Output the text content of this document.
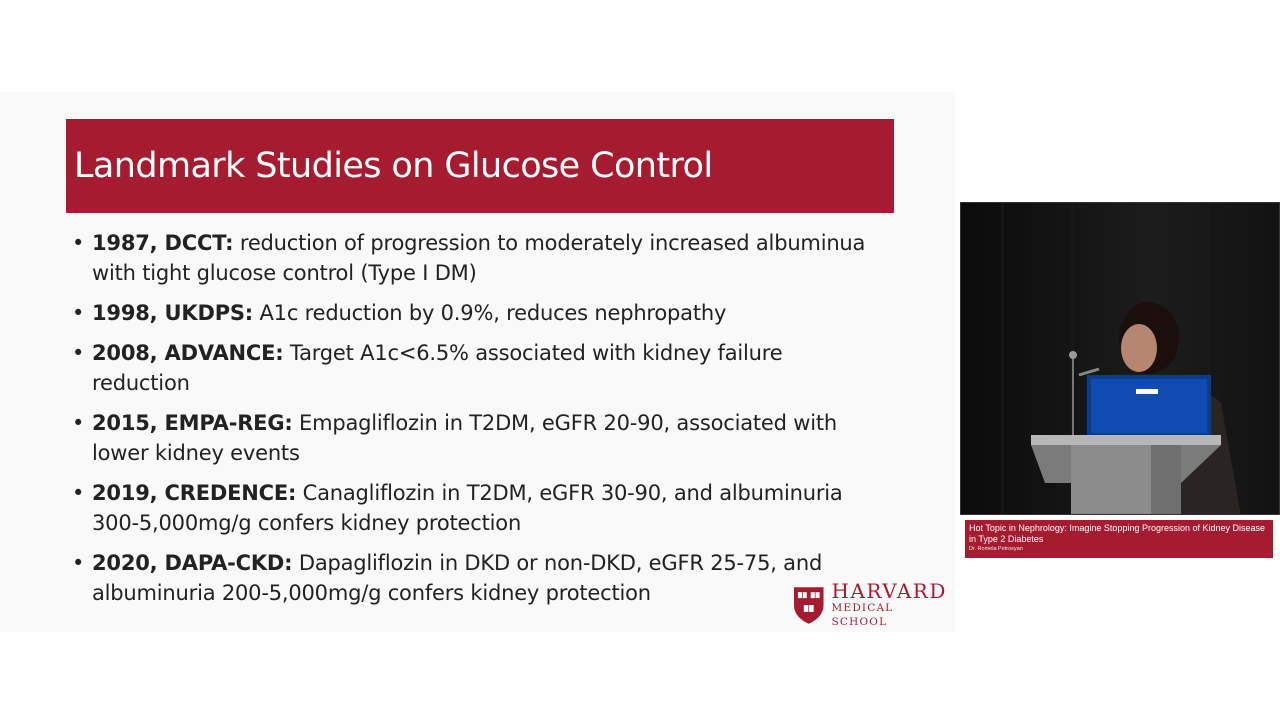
Landmark Studies on Glucose Control
• 1987, DCCT: reduction of progression to moderately increased albuminua with tight glucose control (Type I DM)
• 1998, UKDPS: A1c reduction by 0.9%, reduces nephropathy
• 2008, ADVANCE: Target A1c<6.5% associated with kidney failure reduction
• 2015, EMPA-REG: Empagliflozin in T2DM, eGFR 20-90, associated with lower kidney events
• 2019, CREDENCE: Canagliflozin in T2DM, eGFR 30-90, and albuminuria 300-5,000mg/g confers kidney protection
• 2020, DAPA-CKD: Dapagliflozin in DKD or non-DKD, eGFR 25-75, and albuminuria 200-5,000mg/g confers kidney protection	HARVARD
MEDICAL SCHOOL
Hot Topic in Nephrology: Imagine Stopping Progression of Kidney Disease in Type 2 Diabetes
Dr. Romela Petrosyan
